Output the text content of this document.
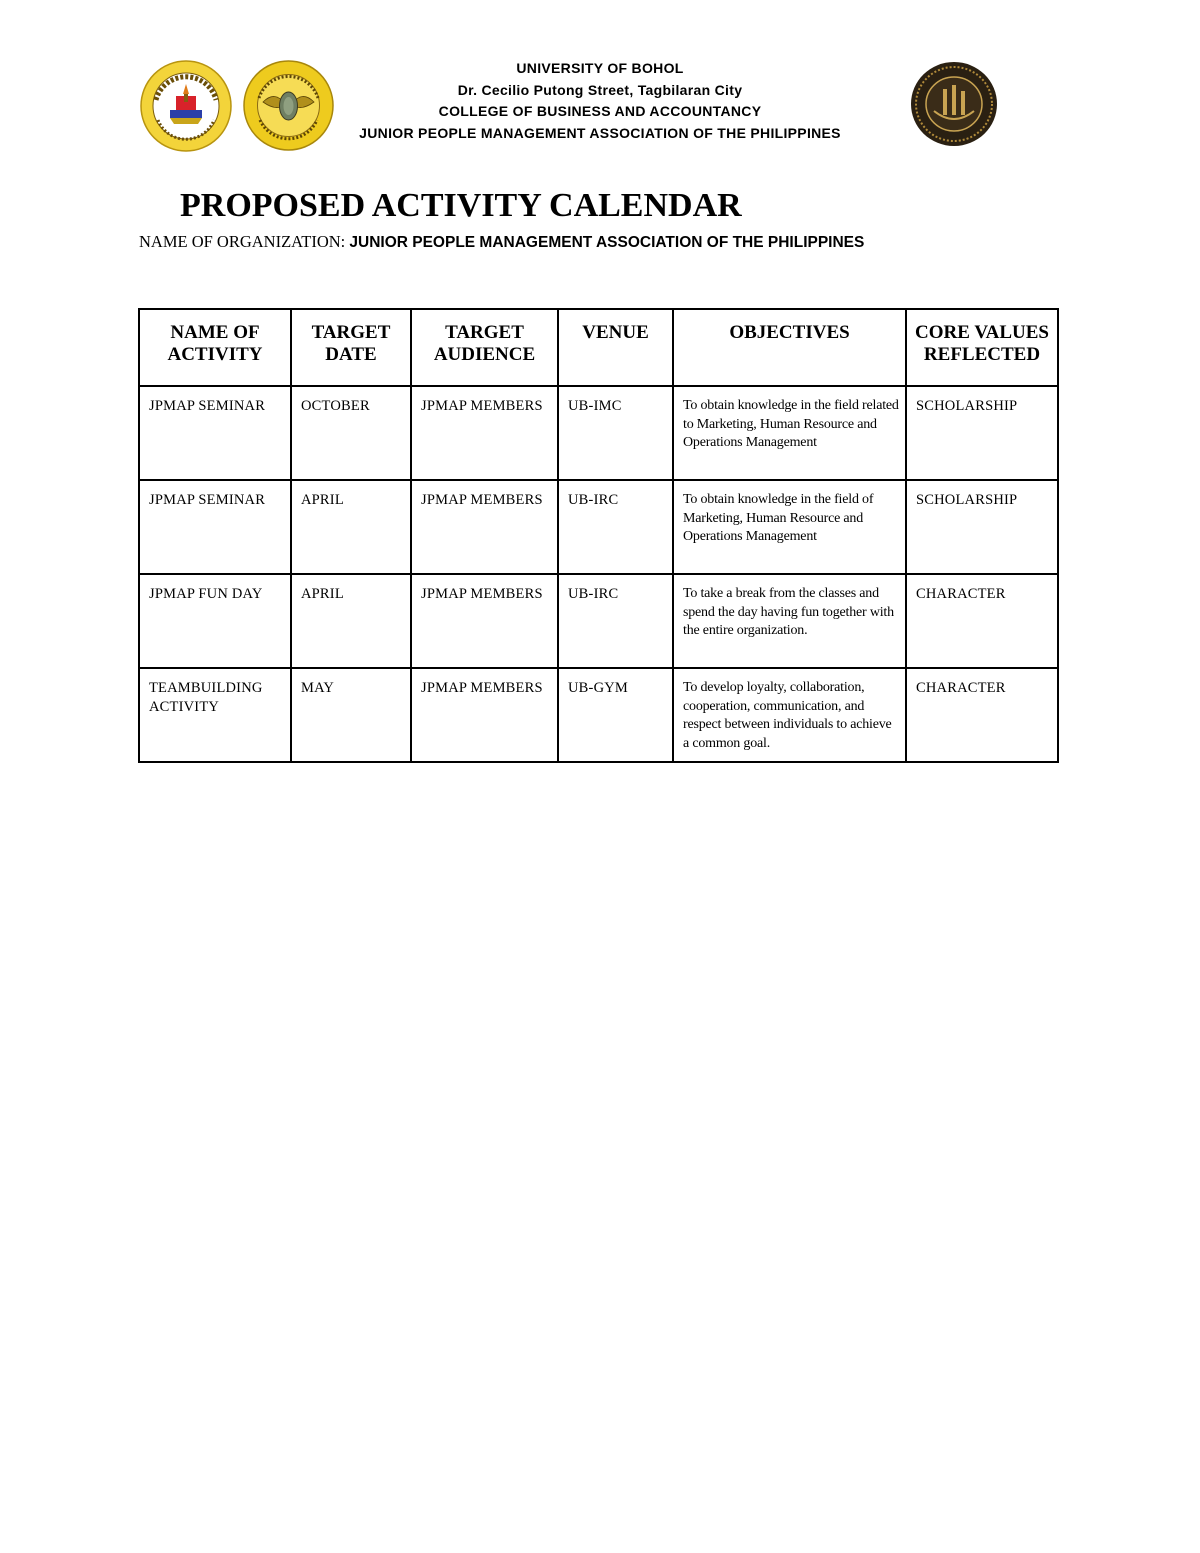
UNIVERSITY OF BOHOL
Dr. Cecilio Putong Street, Tagbilaran City
COLLEGE OF BUSINESS AND ACCOUNTANCY
JUNIOR PEOPLE MANAGEMENT ASSOCIATION OF THE PHILIPPINES
PROPOSED ACTIVITY CALENDAR
NAME OF ORGANIZATION: JUNIOR PEOPLE MANAGEMENT ASSOCIATION OF THE PHILIPPINES
NAME OF ACTIVITY	TARGET DATE	TARGET AUDIENCE	VENUE	OBJECTIVES	CORE VALUES REFLECTED
JPMAP SEMINAR	OCTOBER	JPMAP MEMBERS	UB-IMC	To obtain knowledge in the field related to Marketing, Human Resource and Operations Management	SCHOLARSHIP
JPMAP SEMINAR	APRIL	JPMAP MEMBERS	UB-IRC	To obtain knowledge in the field of Marketing, Human Resource and Operations Management	SCHOLARSHIP
JPMAP FUN DAY	APRIL	JPMAP MEMBERS	UB-IRC	To take a break from the classes and spend the day having fun together with the entire organization.	CHARACTER
TEAMBUILDING ACTIVITY	MAY	JPMAP MEMBERS	UB-GYM	To develop loyalty, collaboration, cooperation, communication, and respect between individuals to achieve a common goal.	CHARACTER
